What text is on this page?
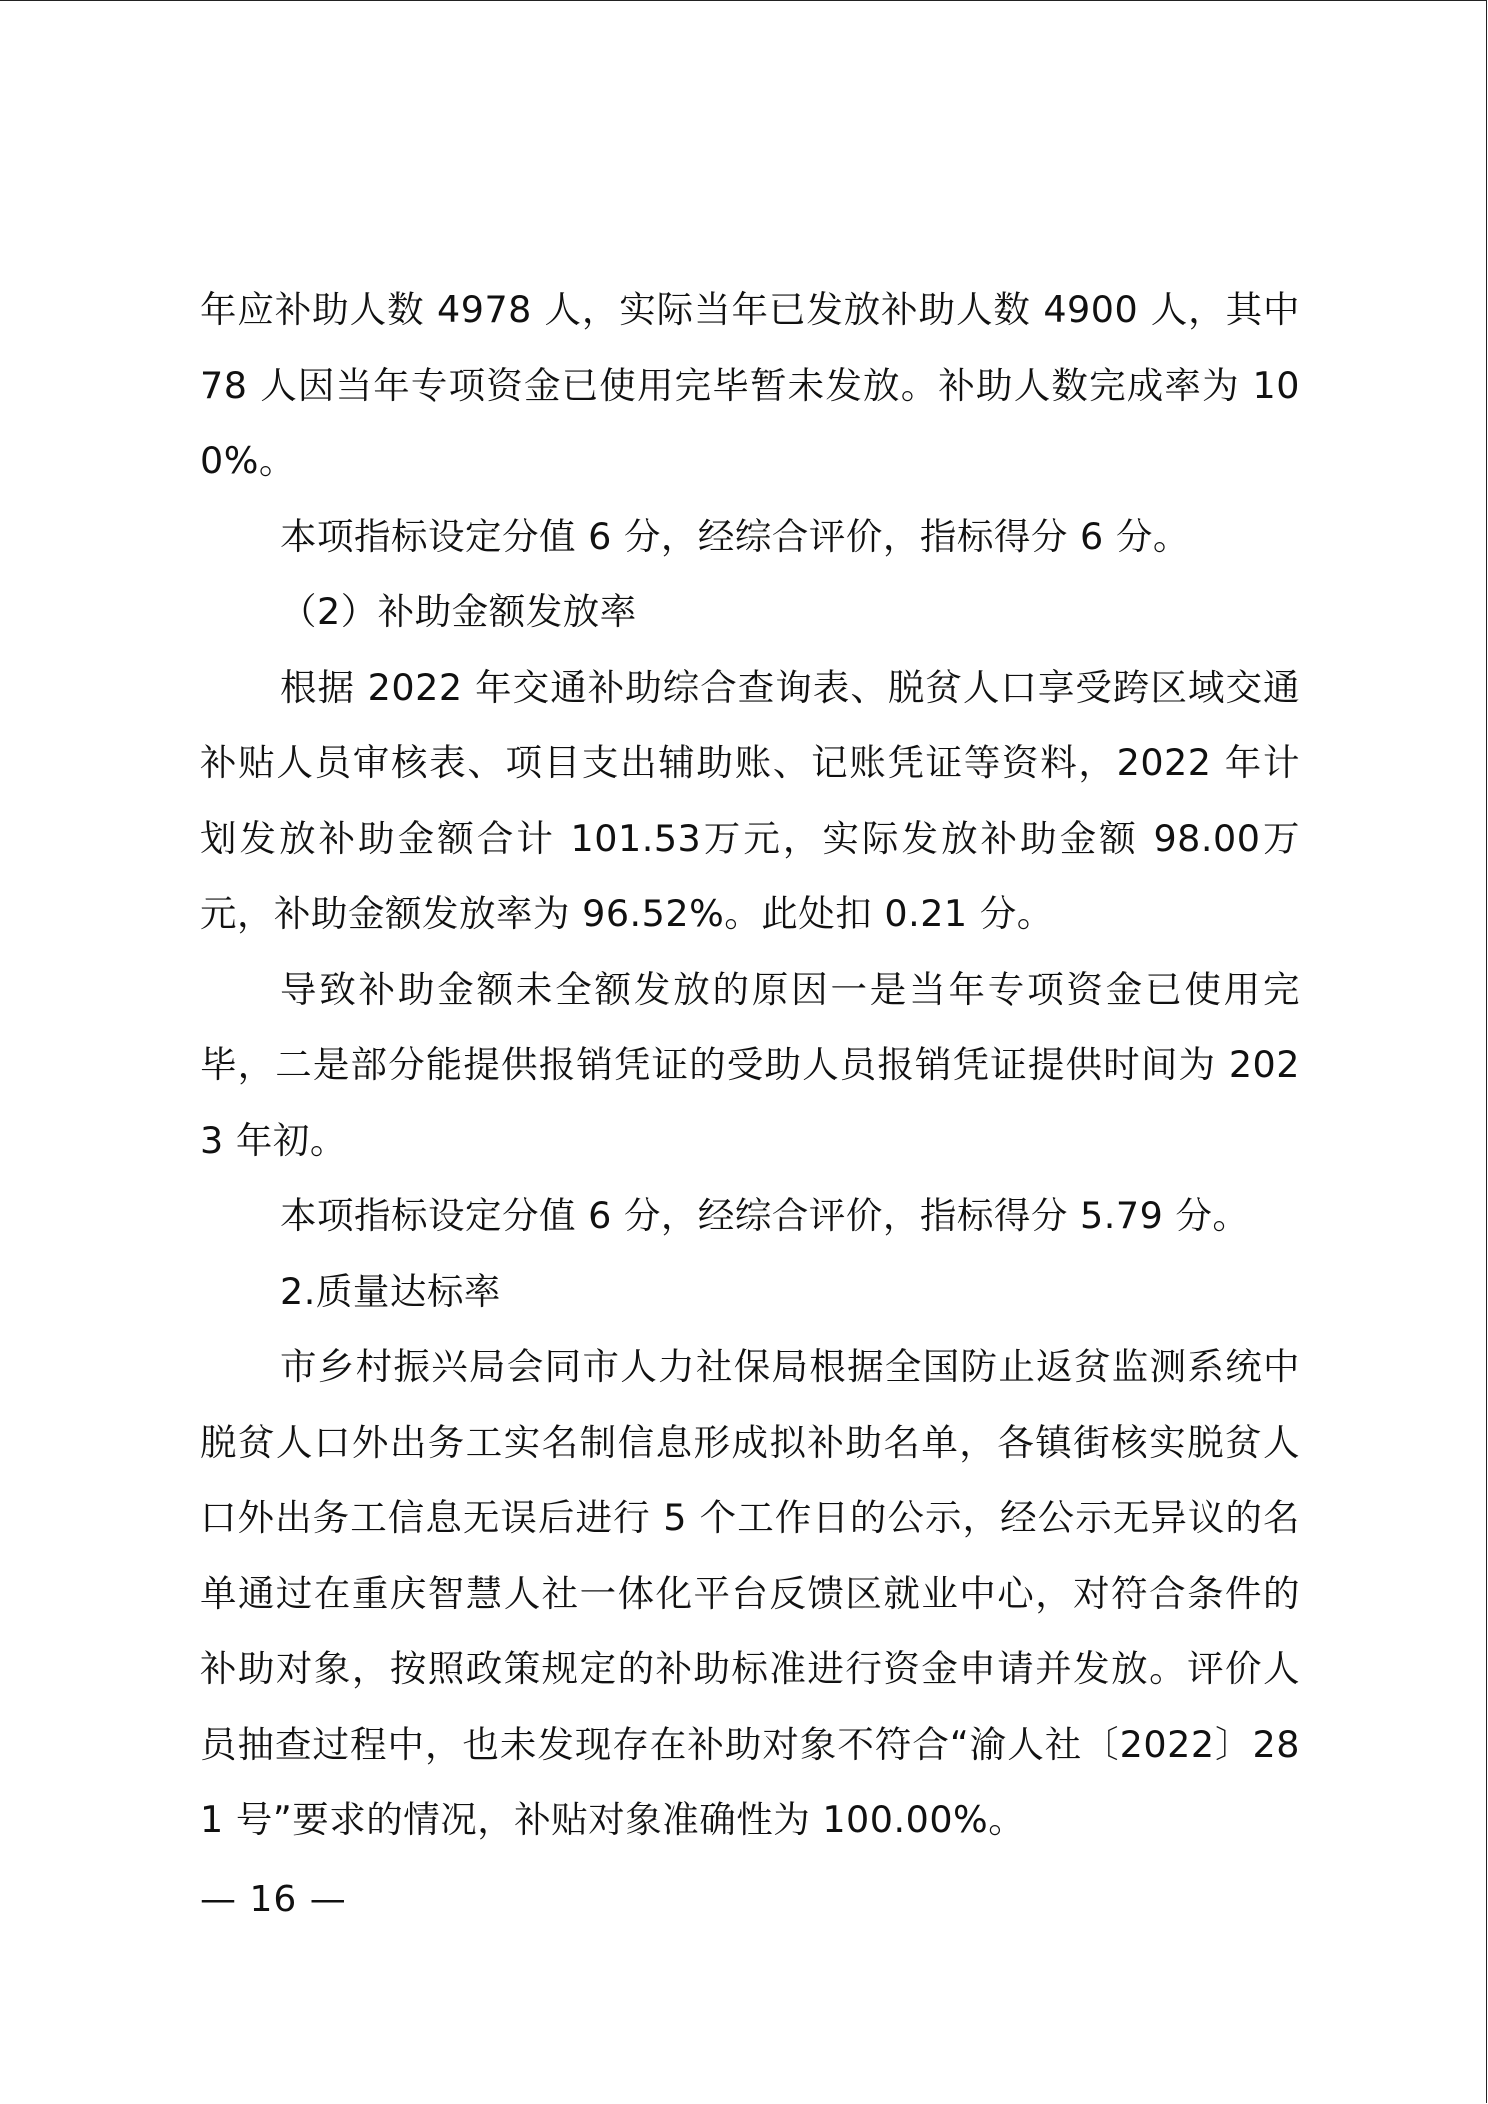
年应补助人数 4978 人，实际当年已发放补助人数 4900 人，其中 78 人因当年专项资金已使用完毕暂未发放。补助人数完成率为 100%。

本项指标设定分值 6 分，经综合评价，指标得分 6 分。

（2）补助金额发放率

根据 2022 年交通补助综合查询表、脱贫人口享受跨区域交通补贴人员审核表、项目支出辅助账、记账凭证等资料，2022 年计划发放补助金额合计 101.53万元，实际发放补助金额 98.00万元，补助金额发放率为 96.52%。此处扣 0.21 分。

导致补助金额未全额发放的原因一是当年专项资金已使用完毕，二是部分能提供报销凭证的受助人员报销凭证提供时间为 2023 年初。

本项指标设定分值 6 分，经综合评价，指标得分 5.79 分。

2.质量达标率

市乡村振兴局会同市人力社保局根据全国防止返贫监测系统中脱贫人口外出务工实名制信息形成拟补助名单，各镇街核实脱贫人口外出务工信息无误后进行 5 个工作日的公示，经公示无异议的名单通过在重庆智慧人社一体化平台反馈区就业中心，对符合条件的补助对象，按照政策规定的补助标准进行资金申请并发放。评价人员抽查过程中，也未发现存在补助对象不符合“渝人社〔2022〕281 号”要求的情况，补贴对象准确性为 100.00%。

— 16 —
